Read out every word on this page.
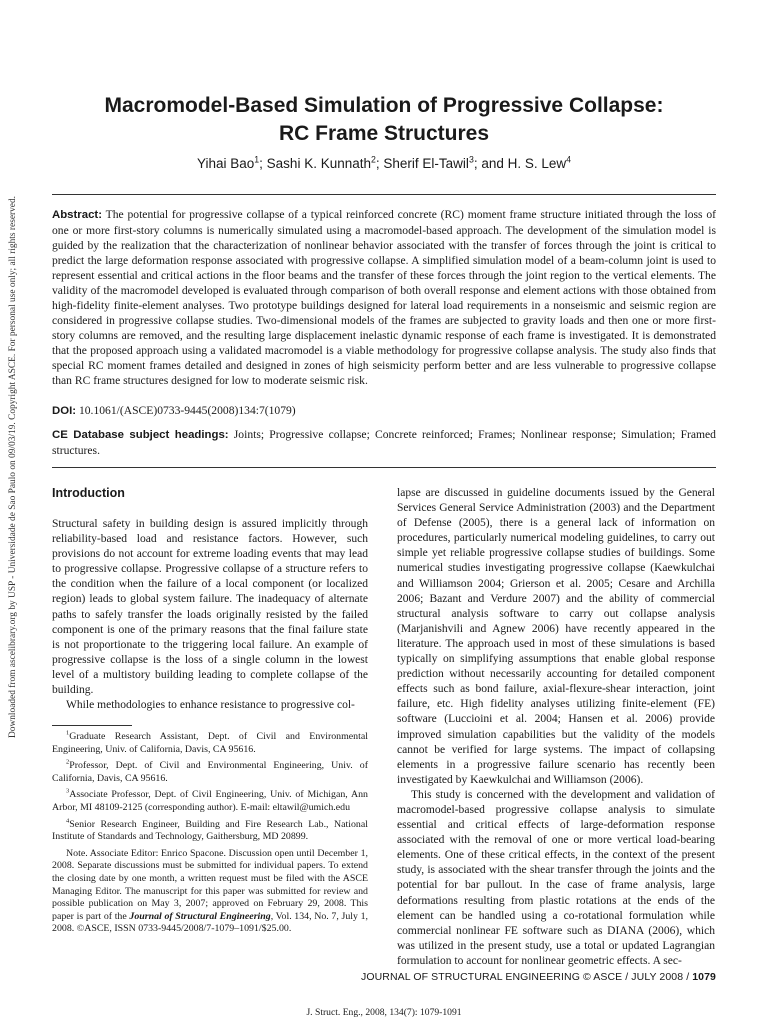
Downloaded from ascelibrary.org by USP - Universidade de Sao Paulo on 09/03/19. Copyright ASCE. For personal use only; all rights reserved.
Macromodel-Based Simulation of Progressive Collapse:
RC Frame Structures

Yihai Bao$^1$; Sashi K. Kunnath$^2$; Sherif El-Tawil$^3$; and H. S. Lew$^4$

Abstract: The potential for progressive collapse of a typical reinforced concrete (RC) moment frame structure initiated through the loss of one or more first-story columns is numerically simulated using a macromodel-based approach. The development of the simulation model is guided by the realization that the characterization of nonlinear behavior associated with the transfer of forces through the joint is critical to predict the large deformation response associated with progressive collapse. A simplified simulation model of a beam-column joint is used to represent essential and critical actions in the floor beams and the transfer of these forces through the joint region to the vertical elements. The validity of the macromodel developed is evaluated through comparison of both overall response and element actions with those obtained from high-fidelity finite-element analyses. Two prototype buildings designed for lateral load requirements in a nonseismic and seismic region are considered in progressive collapse studies. Two-dimensional models of the frames are subjected to gravity loads and then one or more first-story columns are removed, and the resulting large displacement inelastic dynamic response of each frame is investigated. It is demonstrated that the proposed approach using a validated macromodel is a viable methodology for progressive collapse analysis. The study also finds that special RC moment frames detailed and designed in zones of high seismicity perform better and are less vulnerable to progressive collapse than RC frame structures designed for low to moderate seismic risk.

DOI: 10.1061/(ASCE)0733-9445(2008)134:7(1079)

CE Database subject headings: Joints; Progressive collapse; Concrete reinforced; Frames; Nonlinear response; Simulation; Framed structures.

Introduction

Structural safety in building design is assured implicitly through reliability-based load and resistance factors. However, such provisions do not account for extreme loading events that may lead to progressive collapse. Progressive collapse of a structure refers to the condition when the failure of a local component (or localized region) leads to global system failure. The inadequacy of alternate paths to safely transfer the loads originally resisted by the failed component is one of the primary reasons that the final failure state is not proportionate to the triggering local failure. An example of progressive collapse is the loss of a single column in the lowest level of a multistory building leading to complete collapse of the building.

While methodologies to enhance resistance to progressive col-

$^1$Graduate Research Assistant, Dept. of Civil and Environmental Engineering, Univ. of California, Davis, CA 95616.

$^2$Professor, Dept. of Civil and Environmental Engineering, Univ. of California, Davis, CA 95616.

$^3$Associate Professor, Dept. of Civil Engineering, Univ. of Michigan, Ann Arbor, MI 48109-2125 (corresponding author). E-mail: eltawil@umich.edu

$^4$Senior Research Engineer, Building and Fire Research Lab., National Institute of Standards and Technology, Gaithersburg, MD 20899.

Note. Associate Editor: Enrico Spacone. Discussion open until December 1, 2008. Separate discussions must be submitted for individual papers. To extend the closing date by one month, a written request must be filed with the ASCE Managing Editor. The manuscript for this paper was submitted for review and possible publication on May 3, 2007; approved on February 29, 2008. This paper is part of the Journal of Structural Engineering, Vol. 134, No. 7, July 1, 2008. ©ASCE, ISSN 0733-9445/2008/7-1079–1091/$25.00.

lapse are discussed in guideline documents issued by the General Services General Service Administration (2003) and the Department of Defense (2005), there is a general lack of information on procedures, particularly numerical modeling guidelines, to carry out simple yet reliable progressive collapse studies of buildings. Some numerical studies investigating progressive collapse (Kaewkulchai and Williamson 2004; Grierson et al. 2005; Cesare and Archilla 2006; Bazant and Verdure 2007) and the ability of commercial structural analysis software to carry out collapse analysis (Marjanishvili and Agnew 2006) have recently appeared in the literature. The approach used in most of these simulations is based typically on simplifying assumptions that enable global response prediction without necessarily accounting for detailed component effects such as bond failure, axial-flexure-shear interaction, joint failure, etc. High fidelity analyses utilizing finite-element (FE) software (Luccioini et al. 2004; Hansen et al. 2006) provide improved simulation capabilities but the validity of the models cannot be verified for large systems. The impact of collapsing elements in a progressive failure scenario has recently been investigated by Kaewkulchai and Williamson (2006).

This study is concerned with the development and validation of macromodel-based progressive collapse analysis to simulate essential and critical effects of large-deformation response associated with the removal of one or more vertical load-bearing elements. One of these critical effects, in the context of the present study, is associated with the shear transfer through the joints and the potential for bar pullout. In the case of frame analysis, large deformations resulting from plastic rotations at the ends of the element can be handled using a co-rotational formulation while commercial nonlinear FE software such as DIANA (2006), which was utilized in the present study, use a total or updated Lagrangian formulation to account for nonlinear geometric effects. A sec-

JOURNAL OF STRUCTURAL ENGINEERING © ASCE / JULY 2008 / 1079
J. Struct. Eng., 2008, 134(7): 1079-1091
